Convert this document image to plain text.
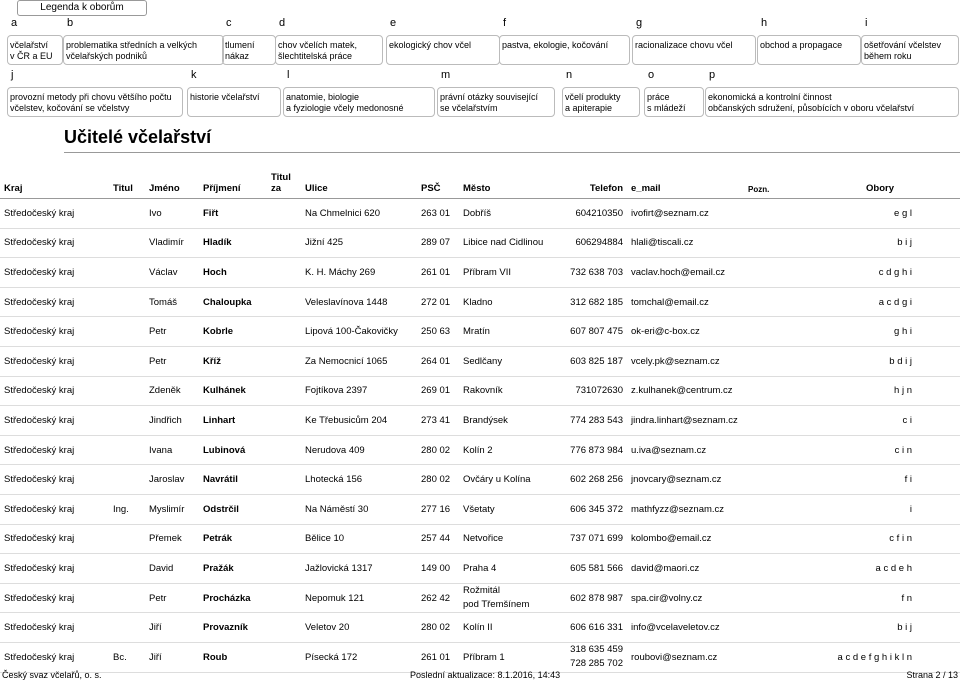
Legenda k oborům
a
včelařství
v ČR a EU
b
problematika středních a velkých
včelařských podniků
c
tlumení
nákaz
d
chov včelích matek,
šlechtitelská práce
e
ekologický chov včel
f
pastva, ekologie, kočování
g
racionalizace chovu včel
h
obchod a propagace
i
ošetřování včelstev
během roku
j
provozní metody při chovu většího počtu
včelstev, kočování se včelstvy
k
historie včelařství
l
anatomie, biologie
a fyziologie včely medonosné
m
právní otázky související
se včelařstvím
n
včelí produkty
a apiterapie
o
práce
s mládeží
p
ekonomická a kontrolní činnost
občanských sdružení, působících v oboru včelařství
Učitelé včelařství
Kraj	Titul	Jméno	Příjmení	Titul za	Ulice	PSČ	Město	Telefon	e_mail	Pozn.	Obory
Středočeský kraj		Ivo	Fiřt		Na Chmelnici 620	263 01	Dobříš	604210350	ivofirt@seznam.cz		e g l
Středočeský kraj		Vladimír	Hladík		Jižní 425	289 07	Libice nad Cidlinou	606294884	hlali@tiscali.cz		b i j
Středočeský kraj		Václav	Hoch		K. H. Máchy 269	261 01	Příbram VII	732 638 703	vaclav.hoch@email.cz		c d g h i
Středočeský kraj		Tomáš	Chaloupka		Veleslavínova 1448	272 01	Kladno	312 682 185	tomchal@email.cz		a c d g i
Středočeský kraj		Petr	Kobrle		Lipová 100-Čakovičky	250 63	Mratín	607 807 475	ok-eri@c-box.cz		g h i
Středočeský kraj		Petr	Kříž		Za Nemocnicí 1065	264 01	Sedlčany	603 825 187	vcely.pk@seznam.cz		b d i j
Středočeský kraj		Zdeněk	Kulhánek		Fojtíkova 2397	269 01	Rakovník	731072630	z.kulhanek@centrum.cz		h j n
Středočeský kraj		Jindřich	Linhart		Ke Třebusicům 204	273 41	Brandýsek	774 283 543	jindra.linhart@seznam.cz		c i
Středočeský kraj		Ivana	Lubinová		Nerudova 409	280 02	Kolín 2	776 873 984	u.iva@seznam.cz		c i n
Středočeský kraj		Jaroslav	Navrátil		Lhotecká 156	280 02	Ovčáry u Kolína	602 268 256	jnovcary@seznam.cz		f i
Středočeský kraj	Ing.	Myslimír	Odstrčil		Na Náměstí 30	277 16	Všetaty	606 345 372	mathfyzz@seznam.cz		i
Středočeský kraj		Přemek	Petrák		Bělice 10	257 44	Netvořice	737 071 699	kolombo@email.cz		c f i n
Středočeský kraj		David	Pražák		Jažlovická 1317	149 00	Praha 4	605 581 566	david@maori.cz		a c d e h
Středočeský kraj		Petr	Procházka		Nepomuk 121	262 42	Rožmitál
pod Třemšínem	602 878 987	spa.cir@volny.cz		f n
Středočeský kraj		Jiří	Provazník		Veletov 20	280 02	Kolín II	606 616 331	info@vcelaveletov.cz		b i j
Středočeský kraj	Bc.	Jiří	Roub		Písecká 172	261 01	Příbram 1	318 635 459
728 285 702	roubovi@seznam.cz		a c d e f g h i k l n
Český svaz včelařů, o. s.	Poslední aktualizace: 8.1.2016, 14:43	Strana 2 / 13
